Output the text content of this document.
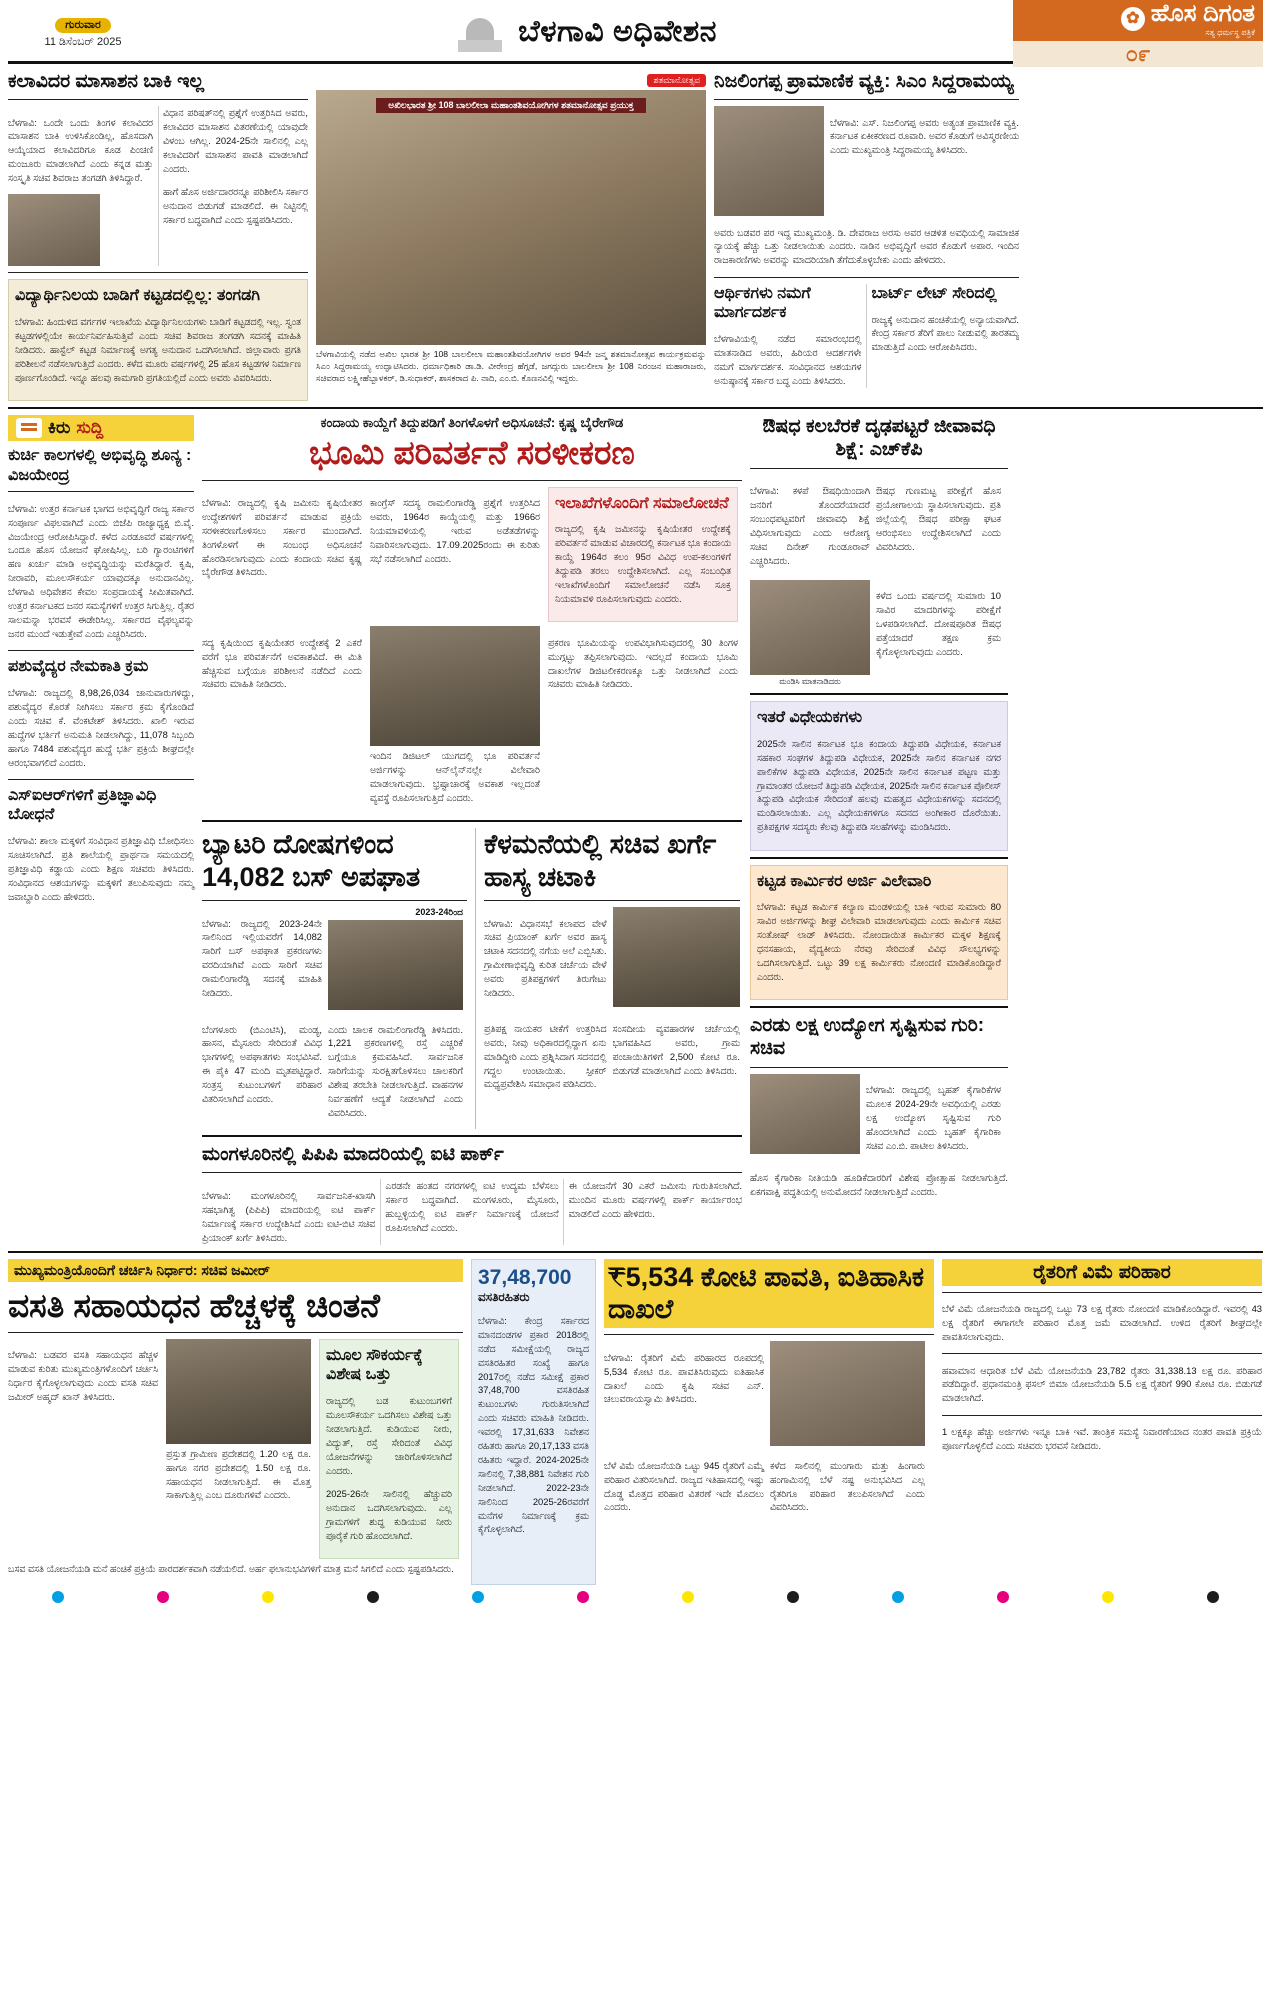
ಗುರುವಾರ
11 ಡಿಸೆಂಬರ್ 2025	ಬೆಳಗಾವಿ ಅಧಿವೇಶನ	✿ ಹೊಸ ದಿಗಂತ
ಸತ್ಯ ಧರ್ಮಸ್ಥ ಪತ್ರಿಕೆ
೦೯
ಕಲಾವಿದರ ಮಾಸಾಶನ ಬಾಕಿ ಇಲ್ಲ

ಬೆಳಗಾವಿ: ಒಂದೇ ಒಂದು ತಿಂಗಳ ಕಲಾವಿದರ ಮಾಸಾಶನ ಬಾಕಿ ಉಳಿಸಿಕೊಂಡಿಲ್ಲ, ಹೊಸದಾಗಿ ಆಯ್ಕೆಯಾದ ಕಲಾವಿದರಿಗೂ ಕೂಡ ಪಿಂಚಣಿ ಮಂಜೂರು ಮಾಡಲಾಗಿದೆ ಎಂದು ಕನ್ನಡ ಮತ್ತು ಸಂಸ್ಕೃತಿ ಸಚಿವ ಶಿವರಾಜ ತಂಗಡಗಿ ತಿಳಿಸಿದ್ದಾರೆ.

ವಿಧಾನ ಪರಿಷತ್‌ನಲ್ಲಿ ಪ್ರಶ್ನೆಗೆ ಉತ್ತರಿಸಿದ ಅವರು, ಕಲಾವಿದರ ಮಾಸಾಶನ ವಿತರಣೆಯಲ್ಲಿ ಯಾವುದೇ ವಿಳಂಬ ಆಗಿಲ್ಲ. 2024-25ನೇ ಸಾಲಿನಲ್ಲಿ ಎಲ್ಲ ಕಲಾವಿದರಿಗೆ ಮಾಸಾಶನ ಪಾವತಿ ಮಾಡಲಾಗಿದೆ ಎಂದರು.

ಹಾಗೆ ಹೊಸ ಅರ್ಜಿದಾರರನ್ನೂ ಪರಿಶೀಲಿಸಿ ಸರ್ಕಾರ ಅನುದಾನ ಬಿಡುಗಡೆ ಮಾಡಲಿದೆ. ಈ ನಿಟ್ಟಿನಲ್ಲಿ ಸರ್ಕಾರ ಬದ್ಧವಾಗಿದೆ ಎಂದು ಸ್ಪಷ್ಟಪಡಿಸಿದರು.

ವಿದ್ಯಾರ್ಥಿನಿಲಯ ಬಾಡಿಗೆ ಕಟ್ಟಡದಲ್ಲಿಲ್ಲ: ತಂಗಡಗಿ

ಬೆಳಗಾವಿ: ಹಿಂದುಳಿದ ವರ್ಗಗಳ ಇಲಾಖೆಯ ವಿದ್ಯಾರ್ಥಿನಿಲಯಗಳು ಬಾಡಿಗೆ ಕಟ್ಟಡದಲ್ಲಿ ಇಲ್ಲ. ಸ್ವಂತ ಕಟ್ಟಡಗಳಲ್ಲಿಯೇ ಕಾರ್ಯನಿರ್ವಹಿಸುತ್ತಿವೆ ಎಂದು ಸಚಿವ ಶಿವರಾಜ ತಂಗಡಗಿ ಸದನಕ್ಕೆ ಮಾಹಿತಿ ನೀಡಿದರು. ಹಾಸ್ಟೆಲ್ ಕಟ್ಟಡ ನಿರ್ಮಾಣಕ್ಕೆ ಅಗತ್ಯ ಅನುದಾನ ಒದಗಿಸಲಾಗಿದೆ. ಜಿಲ್ಲಾವಾರು ಪ್ರಗತಿ ಪರಿಶೀಲನೆ ನಡೆಸಲಾಗುತ್ತಿದೆ ಎಂದರು. ಕಳೆದ ಮೂರು ವರ್ಷಗಳಲ್ಲಿ 25 ಹೊಸ ಕಟ್ಟಡಗಳ ನಿರ್ಮಾಣ ಪೂರ್ಣಗೊಂಡಿದೆ. ಇನ್ನೂ ಹಲವು ಕಾಮಗಾರಿ ಪ್ರಗತಿಯಲ್ಲಿದೆ ಎಂದು ಅವರು ವಿವರಿಸಿದರು.

ಶತಮಾನೋತ್ಸವ
ಅಖಿಲಭಾರತ ಶ್ರೀ 108 ಬಾಲಲೀಲಾ ಮಹಾಂತಶಿವಯೋಗಿಗಳ ಶತಮಾನೋತ್ಸವ ಪ್ರಯುಕ್ತ

ಬೆಳಗಾವಿಯಲ್ಲಿ ನಡೆದ ಅಖಿಲ ಭಾರತ ಶ್ರೀ 108 ಬಾಲಲೀಲಾ ಮಹಾಂತಶಿವಯೋಗಿಗಳ ಅವರ 94ನೇ ಜನ್ಮ ಶತಮಾನೋತ್ಸವ ಕಾರ್ಯಕ್ರಮವನ್ನು ಸಿಎಂ ಸಿದ್ದರಾಮಯ್ಯ ಉದ್ಘಾಟಿಸಿದರು. ಧರ್ಮಾಧಿಕಾರಿ ಡಾ.ಡಿ. ವೀರೇಂದ್ರ ಹೆಗ್ಗಡೆ, ಜಗದ್ಗುರು ಬಾಲಲೀಲಾ ಶ್ರೀ 108 ನಿರಂಜನ ಮಹಾರಾಜರು, ಸಚಿವರಾದ ಲಕ್ಷ್ಮೀಹೆಬ್ಬಾಳಕರ್, ಡಿ.ಸುಧಾಕರ್, ಶಾಸಕರಾದ ಪಿ. ನಾದಿ, ಎಂ.ಬಿ. ಕೊಣನವಿಲ್ಲಿ ಇದ್ದರು.

ನಿಜಲಿಂಗಪ್ಪ ಪ್ರಾಮಾಣಿಕ ವ್ಯಕ್ತಿ: ಸಿಎಂ ಸಿದ್ದರಾಮಯ್ಯ

ಬೆಳಗಾವಿ: ಎಸ್. ನಿಜಲಿಂಗಪ್ಪ ಅವರು ಅತ್ಯಂತ ಪ್ರಾಮಾಣಿಕ ವ್ಯಕ್ತಿ. ಕರ್ನಾಟಕ ಏಕೀಕರಣದ ರೂವಾರಿ. ಅವರ ಕೊಡುಗೆ ಅವಿಸ್ಮರಣೀಯ ಎಂದು ಮುಖ್ಯಮಂತ್ರಿ ಸಿದ್ದರಾಮಯ್ಯ ತಿಳಿಸಿದರು.

ಅವರು ಬಡವರ ಪರ ಇದ್ದ ಮುಖ್ಯಮಂತ್ರಿ. ಡಿ. ದೇವರಾಜ ಅರಸು ಅವರ ಆಡಳಿತ ಅವಧಿಯಲ್ಲಿ ಸಾಮಾಜಿಕ ನ್ಯಾಯಕ್ಕೆ ಹೆಚ್ಚು ಒತ್ತು ನೀಡಲಾಯಿತು ಎಂದರು. ನಾಡಿನ ಅಭಿವೃದ್ಧಿಗೆ ಅವರ ಕೊಡುಗೆ ಅಪಾರ. ಇಂದಿನ ರಾಜಕಾರಣಿಗಳು ಅವರನ್ನು ಮಾದರಿಯಾಗಿ ತೆಗೆದುಕೊಳ್ಳಬೇಕು ಎಂದು ಹೇಳಿದರು.

ಆರ್ಥಿಕಗಳು ನಮಗೆ ಮಾರ್ಗದರ್ಶಕ

ಬೆಳಗಾವಿಯಲ್ಲಿ ನಡೆದ ಸಮಾರಂಭದಲ್ಲಿ ಮಾತನಾಡಿದ ಅವರು, ಹಿರಿಯರ ಆದರ್ಶಗಳೇ ನಮಗೆ ಮಾರ್ಗದರ್ಶಕ. ಸಂವಿಧಾನದ ಆಶಯಗಳ ಅನುಷ್ಠಾನಕ್ಕೆ ಸರ್ಕಾರ ಬದ್ಧ ಎಂದು ತಿಳಿಸಿದರು.

ಬಾರ್ಟ್ ಲೇಟ್ ಸೇರಿದಲ್ಲಿ

ರಾಜ್ಯಕ್ಕೆ ಅನುದಾನ ಹಂಚಿಕೆಯಲ್ಲಿ ಅನ್ಯಾಯವಾಗಿದೆ. ಕೇಂದ್ರ ಸರ್ಕಾರ ತೆರಿಗೆ ಪಾಲು ನೀಡುವಲ್ಲಿ ತಾರತಮ್ಯ ಮಾಡುತ್ತಿದೆ ಎಂದು ಆರೋಪಿಸಿದರು.

ಕಿರು ಸುದ್ದಿ
ಕುರ್ಚಿ ಕಾಲಗಳಲ್ಲಿ ಅಭಿವೃದ್ಧಿ ಶೂನ್ಯ : ವಿಜಯೇಂದ್ರ

ಬೆಳಗಾವಿ: ಉತ್ತರ ಕರ್ನಾಟಕ ಭಾಗದ ಅಭಿವೃದ್ಧಿಗೆ ರಾಜ್ಯ ಸರ್ಕಾರ ಸಂಪೂರ್ಣ ವಿಫಲವಾಗಿದೆ ಎಂದು ಬಿಜೆಪಿ ರಾಜ್ಯಾಧ್ಯಕ್ಷ ಬಿ.ವೈ. ವಿಜಯೇಂದ್ರ ಆರೋಪಿಸಿದ್ದಾರೆ. ಕಳೆದ ಎರಡೂವರೆ ವರ್ಷಗಳಲ್ಲಿ ಒಂದೂ ಹೊಸ ಯೋಜನೆ ಘೋಷಿಸಿಲ್ಲ. ಬರಿ ಗ್ಯಾರಂಟಿಗಳಿಗೆ ಹಣ ಖರ್ಚು ಮಾಡಿ ಅಭಿವೃದ್ಧಿಯನ್ನು ಮರೆತಿದ್ದಾರೆ. ಕೃಷಿ, ನೀರಾವರಿ, ಮೂಲಸೌಕರ್ಯ ಯಾವುದಕ್ಕೂ ಅನುದಾನವಿಲ್ಲ. ಬೆಳಗಾವಿ ಅಧಿವೇಶನ ಕೇವಲ ಸಂಪ್ರದಾಯಕ್ಕೆ ಸೀಮಿತವಾಗಿದೆ. ಉತ್ತರ ಕರ್ನಾಟಕದ ಜನರ ಸಮಸ್ಯೆಗಳಿಗೆ ಉತ್ತರ ಸಿಗುತ್ತಿಲ್ಲ. ರೈತರ ಸಾಲಮನ್ನಾ ಭರವಸೆ ಈಡೇರಿಸಿಲ್ಲ. ಸರ್ಕಾರದ ವೈಫಲ್ಯವನ್ನು ಜನರ ಮುಂದೆ ಇಡುತ್ತೇವೆ ಎಂದು ಎಚ್ಚರಿಸಿದರು.

ಪಶುವೈದ್ಯರ ನೇಮಕಾತಿ ಕ್ರಮ

ಬೆಳಗಾವಿ: ರಾಜ್ಯದಲ್ಲಿ 8,98,26,034 ಜಾನುವಾರುಗಳಿದ್ದು, ಪಶುವೈದ್ಯರ ಕೊರತೆ ನೀಗಿಸಲು ಸರ್ಕಾರ ಕ್ರಮ ಕೈಗೊಂಡಿದೆ ಎಂದು ಸಚಿವ ಕೆ. ವೆಂಕಟೇಶ್ ತಿಳಿಸಿದರು. ಖಾಲಿ ಇರುವ ಹುದ್ದೆಗಳ ಭರ್ತಿಗೆ ಅನುಮತಿ ನೀಡಲಾಗಿದ್ದು, 11,078 ಸಿಬ್ಬಂದಿ ಹಾಗೂ 7484 ಪಶುವೈದ್ಯರ ಹುದ್ದೆ ಭರ್ತಿ ಪ್ರಕ್ರಿಯೆ ಶೀಘ್ರದಲ್ಲೇ ಆರಂಭವಾಗಲಿದೆ ಎಂದರು.

ಎಸ್‌ಐಆರ್‌ಗಳಿಗೆ ಪ್ರತಿಜ್ಞಾವಿಧಿ ಬೋಧನೆ

ಬೆಳಗಾವಿ: ಶಾಲಾ ಮಕ್ಕಳಿಗೆ ಸಂವಿಧಾನ ಪ್ರತಿಜ್ಞಾವಿಧಿ ಬೋಧಿಸಲು ಸೂಚಿಸಲಾಗಿದೆ. ಪ್ರತಿ ಶಾಲೆಯಲ್ಲಿ ಪ್ರಾರ್ಥನಾ ಸಮಯದಲ್ಲಿ ಪ್ರತಿಜ್ಞಾವಿಧಿ ಕಡ್ಡಾಯ ಎಂದು ಶಿಕ್ಷಣ ಸಚಿವರು ತಿಳಿಸಿದರು. ಸಂವಿಧಾನದ ಆಶಯಗಳನ್ನು ಮಕ್ಕಳಿಗೆ ತಲುಪಿಸುವುದು ನಮ್ಮ ಜವಾಬ್ದಾರಿ ಎಂದು ಹೇಳಿದರು.

ಕಂದಾಯ ಕಾಯ್ದೆಗೆ ತಿದ್ದುಪಡಿಗೆ ತಿಂಗಳೊಳಗೆ ಅಧಿಸೂಚನೆ: ಕೃಷ್ಣ ಬೈರೇಗೌಡ
ಭೂಮಿ ಪರಿವರ್ತನೆ ಸರಳೀಕರಣ

ಬೆಳಗಾವಿ: ರಾಜ್ಯದಲ್ಲಿ ಕೃಷಿ ಜಮೀನು ಕೃಷಿಯೇತರ ಉದ್ದೇಶಗಳಿಗೆ ಪರಿವರ್ತನೆ ಮಾಡುವ ಪ್ರಕ್ರಿಯೆ ಸರಳೀಕರಣಗೊಳಿಸಲು ಸರ್ಕಾರ ಮುಂದಾಗಿದೆ. ತಿಂಗಳೊಳಗೆ ಈ ಸಂಬಂಧ ಅಧಿಸೂಚನೆ ಹೊರಡಿಸಲಾಗುವುದು ಎಂದು ಕಂದಾಯ ಸಚಿವ ಕೃಷ್ಣ ಬೈರೇಗೌಡ ತಿಳಿಸಿದರು.

ಕಾಂಗ್ರೆಸ್ ಸದಸ್ಯ ರಾಮಲಿಂಗಾರೆಡ್ಡಿ ಪ್ರಶ್ನೆಗೆ ಉತ್ತರಿಸಿದ ಅವರು, 1964ರ ಕಾಯ್ದೆಯಲ್ಲಿ ಮತ್ತು 1966ರ ನಿಯಮಾವಳಿಯಲ್ಲಿ ಇರುವ ಅಡೆತಡೆಗಳನ್ನು ನಿವಾರಿಸಲಾಗುವುದು. 17.09.2025ರಂದು ಈ ಕುರಿತು ಸಭೆ ನಡೆಸಲಾಗಿದೆ ಎಂದರು.

ಇಲಾಖೆಗಳೊಂದಿಗೆ ಸಮಾಲೋಚನೆ

ರಾಜ್ಯದಲ್ಲಿ ಕೃಷಿ ಜಮೀನನ್ನು ಕೃಷಿಯೇತರ ಉದ್ದೇಶಕ್ಕೆ ಪರಿವರ್ತನೆ ಮಾಡುವ ವಿಚಾರದಲ್ಲಿ ಕರ್ನಾಟಕ ಭೂ ಕಂದಾಯ ಕಾಯ್ದೆ 1964ರ ಕಲಂ 95ರ ವಿವಿಧ ಉಪ-ಕಲಂಗಳಿಗೆ ತಿದ್ದುಪಡಿ ತರಲು ಉದ್ದೇಶಿಸಲಾಗಿದೆ. ಎಲ್ಲ ಸಂಬಂಧಿತ ಇಲಾಖೆಗಳೊಂದಿಗೆ ಸಮಾಲೋಚನೆ ನಡೆಸಿ ಸೂಕ್ತ ನಿಯಮಾವಳಿ ರೂಪಿಸಲಾಗುವುದು ಎಂದರು.

ಸದ್ಯ ಕೃಷಿಯಿಂದ ಕೃಷಿಯೇತರ ಉದ್ದೇಶಕ್ಕೆ 2 ಎಕರೆ ವರೆಗೆ ಭೂ ಪರಿವರ್ತನೆಗೆ ಅವಕಾಶವಿದೆ. ಈ ಮಿತಿ ಹೆಚ್ಚಿಸುವ ಬಗ್ಗೆಯೂ ಪರಿಶೀಲನೆ ನಡೆದಿದೆ ಎಂದು ಸಚಿವರು ಮಾಹಿತಿ ನೀಡಿದರು.

ಇಂದಿನ ಡಿಜಿಟಲ್ ಯುಗದಲ್ಲಿ ಭೂ ಪರಿವರ್ತನೆ ಅರ್ಜಿಗಳನ್ನು ಆನ್‌ಲೈನ್‌ನಲ್ಲೇ ವಿಲೇವಾರಿ ಮಾಡಲಾಗುವುದು. ಭ್ರಷ್ಟಾಚಾರಕ್ಕೆ ಅವಕಾಶ ಇಲ್ಲದಂತೆ ವ್ಯವಸ್ಥೆ ರೂಪಿಸಲಾಗುತ್ತಿದೆ ಎಂದರು.

ಪ್ರಕರಣ ಭೂಮಿಯನ್ನು ಉಪವಿಭಾಗಿಸುವುದರಲ್ಲಿ 30 ತಿಂಗಳ ಮುಗ್ಗಟ್ಟು ತಪ್ಪಿಸಲಾಗುವುದು. ಇದಲ್ಲದೆ ಕಂದಾಯ ಭೂಮಿ ದಾಖಲೆಗಳ ಡಿಜಿಟಲೀಕರಣಕ್ಕೂ ಒತ್ತು ನೀಡಲಾಗಿದೆ ಎಂದು ಸಚಿವರು ಮಾಹಿತಿ ನೀಡಿದರು.

ಬ್ಯಾಟರಿ ದೋಷಗಳಿಂದ 14,082 ಬಸ್ ಅಪಘಾತ

ಬೆಳಗಾವಿ: ರಾಜ್ಯದಲ್ಲಿ 2023-24ನೇ ಸಾಲಿನಿಂದ ಇಲ್ಲಿಯವರೆಗೆ 14,082 ಸಾರಿಗೆ ಬಸ್ ಅಪಘಾತ ಪ್ರಕರಣಗಳು ವರದಿಯಾಗಿವೆ ಎಂದು ಸಾರಿಗೆ ಸಚಿವ ರಾಮಲಿಂಗಾರೆಡ್ಡಿ ಸದನಕ್ಕೆ ಮಾಹಿತಿ ನೀಡಿದರು.

2023-24ರಿಂದ

ಬೆಂಗಳೂರು (ಬಿಎಂಟಿಸಿ), ಮಂಡ್ಯ, ಹಾಸನ, ಮೈಸೂರು ಸೇರಿದಂತೆ ವಿವಿಧ ಭಾಗಗಳಲ್ಲಿ ಅಪಘಾತಗಳು ಸಂಭವಿಸಿವೆ. ಈ ಪೈಕಿ 47 ಮಂದಿ ಮೃತಪಟ್ಟಿದ್ದಾರೆ. ಸಂತ್ರಸ್ತ ಕುಟುಂಬಗಳಿಗೆ ಪರಿಹಾರ ವಿತರಿಸಲಾಗಿದೆ ಎಂದರು.

ಎಂದು ಚಾಲಕ ರಾಮಲಿಂಗಾರೆಡ್ಡಿ ತಿಳಿಸಿದರು. 1,221 ಪ್ರಕರಣಗಳಲ್ಲಿ ರಸ್ತೆ ಎಚ್ಚರಿಕೆ ಬಗ್ಗೆಯೂ ಕ್ರಮವಹಿಸಿದೆ. ಸಾರ್ವಜನಿಕ ಸಾರಿಗೆಯನ್ನು ಸುರಕ್ಷಿತಗೊಳಿಸಲು ಚಾಲಕರಿಗೆ ವಿಶೇಷ ತರಬೇತಿ ನೀಡಲಾಗುತ್ತಿದೆ. ವಾಹನಗಳ ನಿರ್ವಹಣೆಗೆ ಆದ್ಯತೆ ನೀಡಲಾಗಿದೆ ಎಂದು ವಿವರಿಸಿದರು.

ಕೆಳಮನೆಯಲ್ಲಿ ಸಚಿವ ಖರ್ಗೆ ಹಾಸ್ಯ ಚಟಾಕಿ

ಬೆಳಗಾವಿ: ವಿಧಾನಸಭೆ ಕಲಾಪದ ವೇಳೆ ಸಚಿವ ಪ್ರಿಯಾಂಕ್ ಖರ್ಗೆ ಅವರ ಹಾಸ್ಯ ಚಟಾಕಿ ಸದನದಲ್ಲಿ ನಗೆಯ ಅಲೆ ಎಬ್ಬಿಸಿತು. ಗ್ರಾಮೀಣಾಭಿವೃದ್ಧಿ ಕುರಿತ ಚರ್ಚೆಯ ವೇಳೆ ಅವರು ಪ್ರತಿಪಕ್ಷಗಳಿಗೆ ತಿರುಗೇಟು ನೀಡಿದರು.

ಪ್ರತಿಪಕ್ಷ ನಾಯಕರ ಟೀಕೆಗೆ ಉತ್ತರಿಸಿದ ಅವರು, ನೀವು ಅಧಿಕಾರದಲ್ಲಿದ್ದಾಗ ಏನು ಮಾಡಿದ್ದೀರಿ ಎಂದು ಪ್ರಶ್ನಿಸಿದಾಗ ಸದನದಲ್ಲಿ ಗದ್ದಲ ಉಂಟಾಯಿತು. ಸ್ಪೀಕರ್ ಮಧ್ಯಪ್ರವೇಶಿಸಿ ಸಮಾಧಾನ ಪಡಿಸಿದರು.

ಸಂಸದೀಯ ವ್ಯವಹಾರಗಳ ಚರ್ಚೆಯಲ್ಲಿ ಭಾಗವಹಿಸಿದ ಅವರು, ಗ್ರಾಮ ಪಂಚಾಯಿತಿಗಳಿಗೆ 2,500 ಕೋಟಿ ರೂ. ಬಿಡುಗಡೆ ಮಾಡಲಾಗಿದೆ ಎಂದು ತಿಳಿಸಿದರು.

ಮಂಗಳೂರಿನಲ್ಲಿ ಪಿಪಿಪಿ ಮಾದರಿಯಲ್ಲಿ ಐಟಿ ಪಾರ್ಕ್

ಬೆಳಗಾವಿ: ಮಂಗಳೂರಿನಲ್ಲಿ ಸಾರ್ವಜನಿಕ-ಖಾಸಗಿ ಸಹಭಾಗಿತ್ವ (ಪಿಪಿಪಿ) ಮಾದರಿಯಲ್ಲಿ ಐಟಿ ಪಾರ್ಕ್ ನಿರ್ಮಾಣಕ್ಕೆ ಸರ್ಕಾರ ಉದ್ದೇಶಿಸಿದೆ ಎಂದು ಐಟಿ-ಬಿಟಿ ಸಚಿವ ಪ್ರಿಯಾಂಕ್ ಖರ್ಗೆ ತಿಳಿಸಿದರು.

ಎರಡನೇ ಹಂತದ ನಗರಗಳಲ್ಲಿ ಐಟಿ ಉದ್ಯಮ ಬೆಳೆಸಲು ಸರ್ಕಾರ ಬದ್ಧವಾಗಿದೆ. ಮಂಗಳೂರು, ಮೈಸೂರು, ಹುಬ್ಬಳ್ಳಿಯಲ್ಲಿ ಐಟಿ ಪಾರ್ಕ್ ನಿರ್ಮಾಣಕ್ಕೆ ಯೋಜನೆ ರೂಪಿಸಲಾಗಿದೆ ಎಂದರು.

ಈ ಯೋಜನೆಗೆ 30 ಎಕರೆ ಜಮೀನು ಗುರುತಿಸಲಾಗಿದೆ. ಮುಂದಿನ ಮೂರು ವರ್ಷಗಳಲ್ಲಿ ಪಾರ್ಕ್ ಕಾರ್ಯಾರಂಭ ಮಾಡಲಿದೆ ಎಂದು ಹೇಳಿದರು.

ಔಷಧ ಕಲಬೆರಕೆ ದೃಢಪಟ್ಟರೆ ಜೀವಾವಧಿ ಶಿಕ್ಷೆ: ಎಚ್‌ಕೆಪಿ

ಬೆಳಗಾವಿ: ಕಳಪೆ ಔಷಧಿಯಿಂದಾಗಿ ಜನರಿಗೆ ತೊಂದರೆಯಾದರೆ ಸಂಬಂಧಪಟ್ಟವರಿಗೆ ಜೀವಾವಧಿ ಶಿಕ್ಷೆ ವಿಧಿಸಲಾಗುವುದು ಎಂದು ಆರೋಗ್ಯ ಸಚಿವ ದಿನೇಶ್ ಗುಂಡೂರಾವ್ ಎಚ್ಚರಿಸಿದರು.

ಔಷಧ ಗುಣಮಟ್ಟ ಪರೀಕ್ಷೆಗೆ ಹೊಸ ಪ್ರಯೋಗಾಲಯ ಸ್ಥಾಪಿಸಲಾಗುವುದು. ಪ್ರತಿ ಜಿಲ್ಲೆಯಲ್ಲಿ ಔಷಧ ಪರೀಕ್ಷಾ ಘಟಕ ಆರಂಭಿಸಲು ಉದ್ದೇಶಿಸಲಾಗಿದೆ ಎಂದು ವಿವರಿಸಿದರು.

ಮಂಡಿಸಿ ಮಾತನಾಡಿದರು

ಕಳೆದ ಒಂದು ವರ್ಷದಲ್ಲಿ ಸುಮಾರು 10 ಸಾವಿರ ಮಾದರಿಗಳನ್ನು ಪರೀಕ್ಷೆಗೆ ಒಳಪಡಿಸಲಾಗಿದೆ. ದೋಷಪೂರಿತ ಔಷಧ ಪತ್ತೆಯಾದರೆ ತಕ್ಷಣ ಕ್ರಮ ಕೈಗೊಳ್ಳಲಾಗುವುದು ಎಂದರು.

ಇತರೆ ವಿಧೇಯಕಗಳು

2025ನೇ ಸಾಲಿನ ಕರ್ನಾಟಕ ಭೂ ಕಂದಾಯ ತಿದ್ದುಪಡಿ ವಿಧೇಯಕ, ಕರ್ನಾಟಕ ಸಹಕಾರ ಸಂಘಗಳ ತಿದ್ದುಪಡಿ ವಿಧೇಯಕ, 2025ನೇ ಸಾಲಿನ ಕರ್ನಾಟಕ ನಗರ ಪಾಲಿಕೆಗಳ ತಿದ್ದುಪಡಿ ವಿಧೇಯಕ, 2025ನೇ ಸಾಲಿನ ಕರ್ನಾಟಕ ಪಟ್ಟಣ ಮತ್ತು ಗ್ರಾಮಾಂತರ ಯೋಜನೆ ತಿದ್ದುಪಡಿ ವಿಧೇಯಕ, 2025ನೇ ಸಾಲಿನ ಕರ್ನಾಟಕ ಪೊಲೀಸ್ ತಿದ್ದುಪಡಿ ವಿಧೇಯಕ ಸೇರಿದಂತೆ ಹಲವು ಮಹತ್ವದ ವಿಧೇಯಕಗಳನ್ನು ಸದನದಲ್ಲಿ ಮಂಡಿಸಲಾಯಿತು. ಎಲ್ಲ ವಿಧೇಯಕಗಳಿಗೂ ಸದನದ ಅಂಗೀಕಾರ ದೊರೆಯಿತು. ಪ್ರತಿಪಕ್ಷಗಳ ಸದಸ್ಯರು ಕೆಲವು ತಿದ್ದುಪಡಿ ಸಲಹೆಗಳನ್ನು ಮಂಡಿಸಿದರು.

ಕಟ್ಟಡ ಕಾರ್ಮಿಕರ ಅರ್ಜಿ ವಿಲೇವಾರಿ

ಬೆಳಗಾವಿ: ಕಟ್ಟಡ ಕಾರ್ಮಿಕ ಕಲ್ಯಾಣ ಮಂಡಳಿಯಲ್ಲಿ ಬಾಕಿ ಇರುವ ಸುಮಾರು 80 ಸಾವಿರ ಅರ್ಜಿಗಳನ್ನು ಶೀಘ್ರ ವಿಲೇವಾರಿ ಮಾಡಲಾಗುವುದು ಎಂದು ಕಾರ್ಮಿಕ ಸಚಿವ ಸಂತೋಷ್ ಲಾಡ್ ತಿಳಿಸಿದರು. ನೋಂದಾಯಿತ ಕಾರ್ಮಿಕರ ಮಕ್ಕಳ ಶಿಕ್ಷಣಕ್ಕೆ ಧನಸಹಾಯ, ವೈದ್ಯಕೀಯ ನೆರವು ಸೇರಿದಂತೆ ವಿವಿಧ ಸೌಲಭ್ಯಗಳನ್ನು ಒದಗಿಸಲಾಗುತ್ತಿದೆ. ಒಟ್ಟು 39 ಲಕ್ಷ ಕಾರ್ಮಿಕರು ನೋಂದಣಿ ಮಾಡಿಕೊಂಡಿದ್ದಾರೆ ಎಂದರು.

ಎರಡು ಲಕ್ಷ ಉದ್ಯೋಗ ಸೃಷ್ಟಿಸುವ ಗುರಿ: ಸಚಿವ

ಬೆಳಗಾವಿ: ರಾಜ್ಯದಲ್ಲಿ ಬೃಹತ್ ಕೈಗಾರಿಕೆಗಳ ಮೂಲಕ 2024-29ನೇ ಅವಧಿಯಲ್ಲಿ ಎರಡು ಲಕ್ಷ ಉದ್ಯೋಗ ಸೃಷ್ಟಿಸುವ ಗುರಿ ಹೊಂದಲಾಗಿದೆ ಎಂದು ಬೃಹತ್ ಕೈಗಾರಿಕಾ ಸಚಿವ ಎಂ.ಬಿ. ಪಾಟೀಲ ತಿಳಿಸಿದರು.

ಹೊಸ ಕೈಗಾರಿಕಾ ನೀತಿಯಡಿ ಹೂಡಿಕೆದಾರರಿಗೆ ವಿಶೇಷ ಪ್ರೋತ್ಸಾಹ ನೀಡಲಾಗುತ್ತಿದೆ. ಏಕಗವಾಕ್ಷಿ ಪದ್ಧತಿಯಲ್ಲಿ ಅನುಮೋದನೆ ನೀಡಲಾಗುತ್ತಿದೆ ಎಂದರು.

ಮುಖ್ಯಮಂತ್ರಿಯೊಂದಿಗೆ ಚರ್ಚಿಸಿ ನಿರ್ಧಾರ: ಸಚಿವ ಜಮೀರ್
ವಸತಿ ಸಹಾಯಧನ ಹೆಚ್ಚಳಕ್ಕೆ ಚಿಂತನೆ

ಬೆಳಗಾವಿ: ಬಡವರ ವಸತಿ ಸಹಾಯಧನ ಹೆಚ್ಚಳ ಮಾಡುವ ಕುರಿತು ಮುಖ್ಯಮಂತ್ರಿಗಳೊಂದಿಗೆ ಚರ್ಚಿಸಿ ನಿರ್ಧಾರ ಕೈಗೊಳ್ಳಲಾಗುವುದು ಎಂದು ವಸತಿ ಸಚಿವ ಜಮೀರ್ ಅಹ್ಮದ್ ಖಾನ್ ತಿಳಿಸಿದರು.

ಪ್ರಸ್ತುತ ಗ್ರಾಮೀಣ ಪ್ರದೇಶದಲ್ಲಿ 1.20 ಲಕ್ಷ ರೂ. ಹಾಗೂ ನಗರ ಪ್ರದೇಶದಲ್ಲಿ 1.50 ಲಕ್ಷ ರೂ. ಸಹಾಯಧನ ನೀಡಲಾಗುತ್ತಿದೆ. ಈ ಮೊತ್ತ ಸಾಕಾಗುತ್ತಿಲ್ಲ ಎಂಬ ದೂರುಗಳಿವೆ ಎಂದರು.

ಮೂಲ ಸೌಕರ್ಯಕ್ಕೆ ವಿಶೇಷ ಒತ್ತು

ರಾಜ್ಯದಲ್ಲಿ ಬಡ ಕುಟುಂಬಗಳಿಗೆ ಮೂಲಸೌಕರ್ಯ ಒದಗಿಸಲು ವಿಶೇಷ ಒತ್ತು ನೀಡಲಾಗುತ್ತಿದೆ. ಕುಡಿಯುವ ನೀರು, ವಿದ್ಯುತ್, ರಸ್ತೆ ಸೇರಿದಂತೆ ವಿವಿಧ ಯೋಜನೆಗಳನ್ನು ಜಾರಿಗೊಳಿಸಲಾಗಿದೆ ಎಂದರು.

2025-26ನೇ ಸಾಲಿನಲ್ಲಿ ಹೆಚ್ಚುವರಿ ಅನುದಾನ ಒದಗಿಸಲಾಗುವುದು. ಎಲ್ಲ ಗ್ರಾಮಗಳಿಗೆ ಶುದ್ಧ ಕುಡಿಯುವ ನೀರು ಪೂರೈಕೆ ಗುರಿ ಹೊಂದಲಾಗಿದೆ.

ಬಸವ ವಸತಿ ಯೋಜನೆಯಡಿ ಮನೆ ಹಂಚಿಕೆ ಪ್ರಕ್ರಿಯೆ ಪಾರದರ್ಶಕವಾಗಿ ನಡೆಯಲಿದೆ. ಅರ್ಹ ಫಲಾನುಭವಿಗಳಿಗೆ ಮಾತ್ರ ಮನೆ ಸಿಗಲಿದೆ ಎಂದು ಸ್ಪಷ್ಟಪಡಿಸಿದರು.

37,48,700
ವಸತಿರಹಿತರು

ಬೆಳಗಾವಿ: ಕೇಂದ್ರ ಸರ್ಕಾರದ ಮಾನದಂಡಗಳ ಪ್ರಕಾರ 2018ರಲ್ಲಿ ನಡೆದ ಸಮೀಕ್ಷೆಯಲ್ಲಿ ರಾಜ್ಯದ ವಸತಿರಹಿತರ ಸಂಖ್ಯೆ ಹಾಗೂ 2017ರಲ್ಲಿ ನಡೆದ ಸಮೀಕ್ಷೆ ಪ್ರಕಾರ 37,48,700 ವಸತಿರಹಿತ ಕುಟುಂಬಗಳು ಗುರುತಿಸಲಾಗಿದೆ ಎಂದು ಸಚಿವರು ಮಾಹಿತಿ ನೀಡಿದರು. ಇವರಲ್ಲಿ 17,31,633 ನಿವೇಶನ ರಹಿತರು ಹಾಗೂ 20,17,133 ವಸತಿ ರಹಿತರು ಇದ್ದಾರೆ. 2024-2025ನೇ ಸಾಲಿನಲ್ಲಿ 7,38,881 ನಿವೇಶನ ಗುರಿ ನೀಡಲಾಗಿದೆ. 2022-23ನೇ ಸಾಲಿನಿಂದ 2025-26ರವರೆಗೆ ಮನೆಗಳ ನಿರ್ಮಾಣಕ್ಕೆ ಕ್ರಮ ಕೈಗೊಳ್ಳಲಾಗಿದೆ.

₹5,534 ಕೋಟಿ ಪಾವತಿ, ಐತಿಹಾಸಿಕ ದಾಖಲೆ

ಬೆಳಗಾವಿ: ರೈತರಿಗೆ ವಿಮೆ ಪರಿಹಾರದ ರೂಪದಲ್ಲಿ 5,534 ಕೋಟಿ ರೂ. ಪಾವತಿಸಿರುವುದು ಐತಿಹಾಸಿಕ ದಾಖಲೆ ಎಂದು ಕೃಷಿ ಸಚಿವ ಎನ್. ಚಲುವರಾಯಸ್ವಾಮಿ ತಿಳಿಸಿದರು.

ಬೆಳೆ ವಿಮೆ ಯೋಜನೆಯಡಿ ಒಟ್ಟು 945 ರೈತರಿಗೆ ಎಮ್ಮೆ ಪರಿಹಾರ ವಿತರಿಸಲಾಗಿದೆ. ರಾಜ್ಯದ ಇತಿಹಾಸದಲ್ಲಿ ಇಷ್ಟು ದೊಡ್ಡ ಮೊತ್ತದ ಪರಿಹಾರ ವಿತರಣೆ ಇದೇ ಮೊದಲು ಎಂದರು.

ಕಳೆದ ಸಾಲಿನಲ್ಲಿ ಮುಂಗಾರು ಮತ್ತು ಹಿಂಗಾರು ಹಂಗಾಮಿನಲ್ಲಿ ಬೆಳೆ ನಷ್ಟ ಅನುಭವಿಸಿದ ಎಲ್ಲ ರೈತರಿಗೂ ಪರಿಹಾರ ತಲುಪಿಸಲಾಗಿದೆ ಎಂದು ವಿವರಿಸಿದರು.

ರೈತರಿಗೆ ವಿಮೆ ಪರಿಹಾರ

ಬೆಳೆ ವಿಮೆ ಯೋಜನೆಯಡಿ ರಾಜ್ಯದಲ್ಲಿ ಒಟ್ಟು 73 ಲಕ್ಷ ರೈತರು ನೋಂದಣಿ ಮಾಡಿಕೊಂಡಿದ್ದಾರೆ. ಇವರಲ್ಲಿ 43 ಲಕ್ಷ ರೈತರಿಗೆ ಈಗಾಗಲೇ ಪರಿಹಾರ ಮೊತ್ತ ಜಮೆ ಮಾಡಲಾಗಿದೆ. ಉಳಿದ ರೈತರಿಗೆ ಶೀಘ್ರದಲ್ಲೇ ಪಾವತಿಸಲಾಗುವುದು.

ಹವಾಮಾನ ಆಧಾರಿತ ಬೆಳೆ ವಿಮೆ ಯೋಜನೆಯಡಿ 23,782 ರೈತರು 31,338.13 ಲಕ್ಷ ರೂ. ಪರಿಹಾರ ಪಡೆದಿದ್ದಾರೆ. ಪ್ರಧಾನಮಂತ್ರಿ ಫಸಲ್ ಬಿಮಾ ಯೋಜನೆಯಡಿ 5.5 ಲಕ್ಷ ರೈತರಿಗೆ 990 ಕೋಟಿ ರೂ. ಬಿಡುಗಡೆ ಮಾಡಲಾಗಿದೆ.

1 ಲಕ್ಷಕ್ಕೂ ಹೆಚ್ಚು ಅರ್ಜಿಗಳು ಇನ್ನೂ ಬಾಕಿ ಇವೆ. ತಾಂತ್ರಿಕ ಸಮಸ್ಯೆ ನಿವಾರಣೆಯಾದ ನಂತರ ಪಾವತಿ ಪ್ರಕ್ರಿಯೆ ಪೂರ್ಣಗೊಳ್ಳಲಿದೆ ಎಂದು ಸಚಿವರು ಭರವಸೆ ನೀಡಿದರು.
